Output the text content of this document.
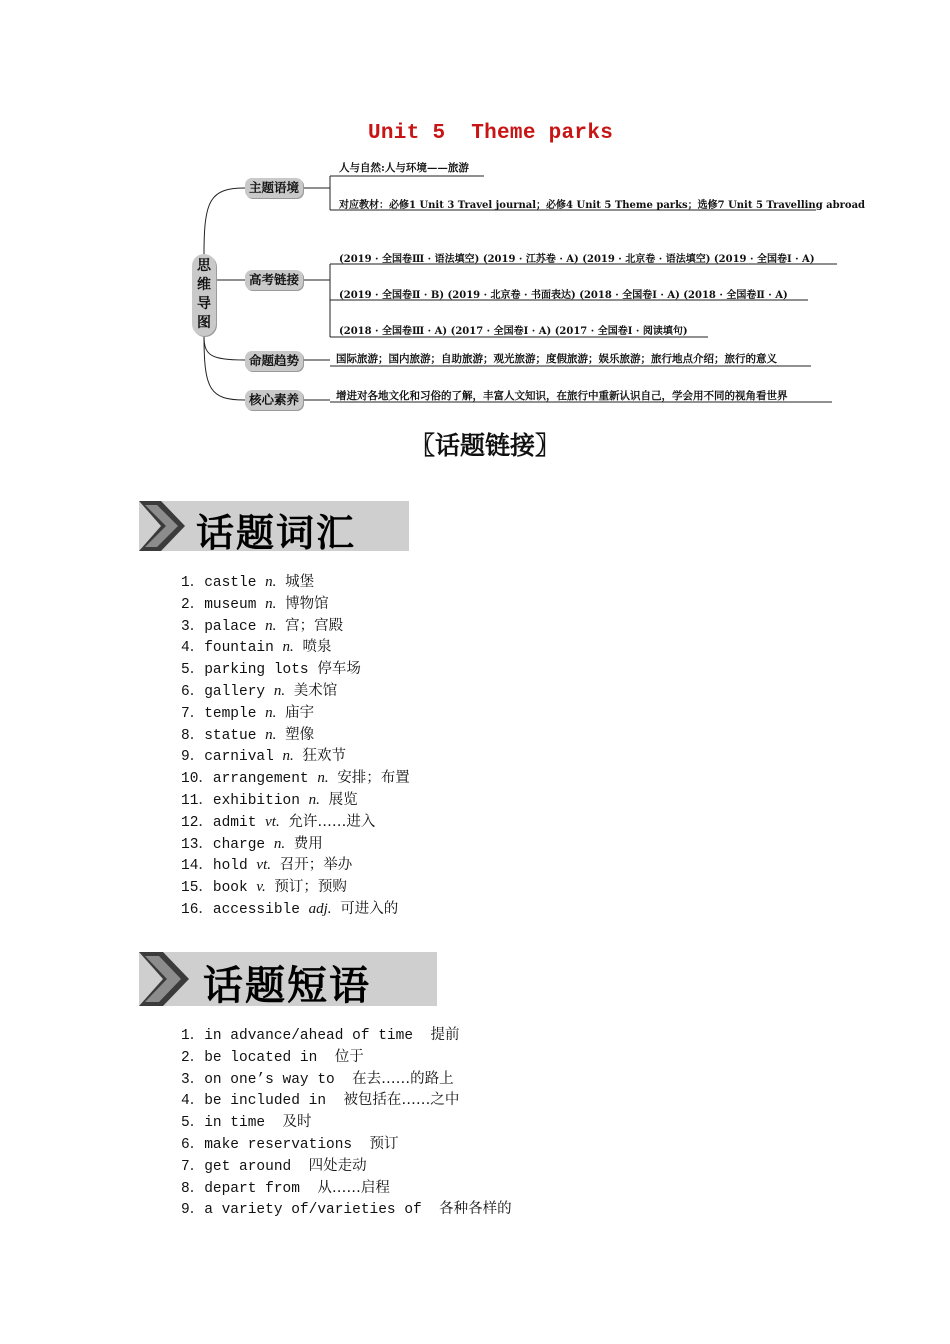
Unit 5  Theme parks
思维导图
主题语境
人与自然:人与环境——旅游
对应教材：必修1 Unit 3 Travel journal；必修4 Unit 5 Theme parks；选修7 Unit 5 Travelling abroad
高考链接
(2019 · 全国卷Ⅲ · 语法填空) (2019 · 江苏卷 · A) (2019 · 北京卷 · 语法填空) (2019 · 全国卷Ⅰ · A)
(2019 · 全国卷Ⅱ · B) (2019 · 北京卷 · 书面表达) (2018 · 全国卷Ⅰ · A) (2018 · 全国卷Ⅱ · A)
(2018 · 全国卷Ⅲ · A) (2017 · 全国卷Ⅰ · A) (2017 · 全国卷Ⅰ · 阅读填句)
命题趋势	国际旅游；国内旅游；自助旅游；观光旅游；度假旅游；娱乐旅游；旅行地点介绍；旅行的意义
核心素养	增进对各地文化和习俗的了解，丰富人文知识，在旅行中重新认识自己，学会用不同的视角看世界
〖话题链接〗
话题词汇
1．castle n. 城堡
2．museum n. 博物馆
3．palace n. 宫；宫殿
4．fountain n. 喷泉
5．parking lots 停车场
6．gallery n. 美术馆
7．temple n. 庙宇
8．statue n. 塑像
9．carnival n. 狂欢节
10．arrangement n. 安排；布置
11．exhibition n. 展览
12．admit vt. 允许……进入
13．charge n. 费用
14．hold vt. 召开；举办
15．book v. 预订；预购
16．accessible adj. 可进入的
话题短语
1．in advance/ahead of time  提前
2．be located in  位于
3．on one’s way to  在去……的路上
4．be included in  被包括在……之中
5．in time  及时
6．make reservations  预订
7．get around  四处走动
8．depart from  从……启程
9．a variety of/varieties of  各种各样的
